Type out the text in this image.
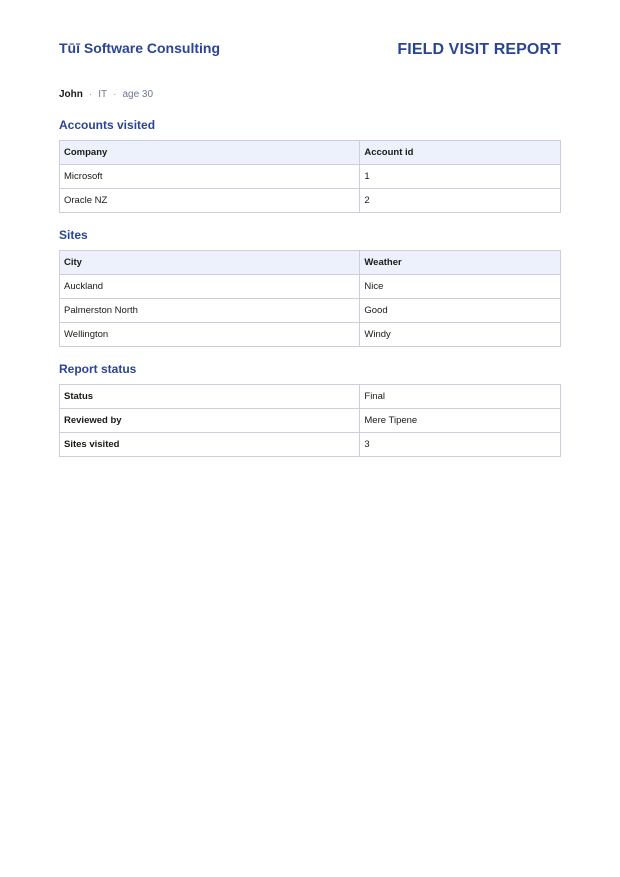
Tūī Software Consulting	FIELD VISIT REPORT
John · IT · age 30
Accounts visited
Company	Account id
Microsoft	1
Oracle NZ	2
Sites
City	Weather
Auckland	Nice
Palmerston North	Good
Wellington	Windy
Report status
Status	Final
Reviewed by	Mere Tipene
Sites visited	3
